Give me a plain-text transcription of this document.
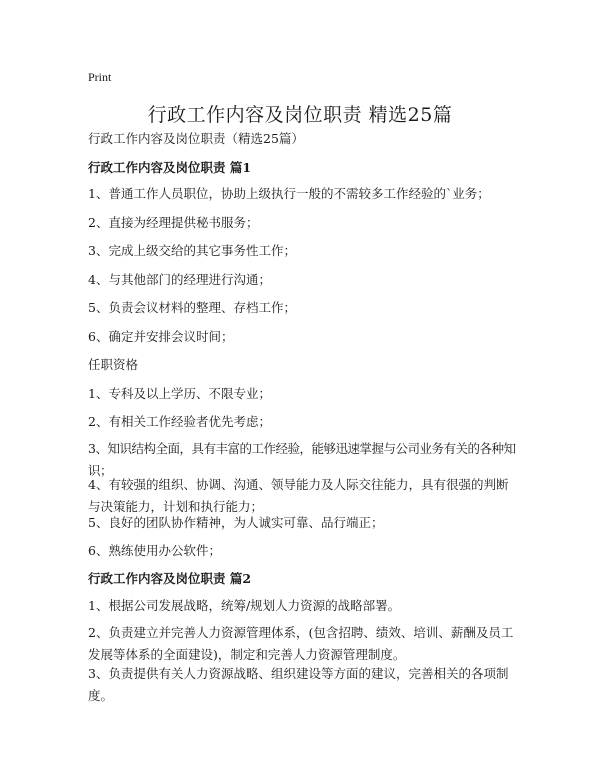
Print
行政工作内容及岗位职责 精选25篇
行政工作内容及岗位职责（精选25篇）
行政工作内容及岗位职责 篇1
1、普通工作人员职位，协助上级执行一般的不需较多工作经验的`业务；
2、直接为经理提供秘书服务；
3、完成上级交给的其它事务性工作；
4、与其他部门的经理进行沟通；
5、负责会议材料的整理、存档工作；
6、确定并安排会议时间；
任职资格
1、专科及以上学历、不限专业；
2、有相关工作经验者优先考虑；
3、知识结构全面，具有丰富的工作经验，能够迅速掌握与公司业务有关的各种知识；
4、有较强的组织、协调、沟通、领导能力及人际交往能力，具有很强的判断与决策能力，计划和执行能力；
5、良好的团队协作精神，为人诚实可靠、品行端正；
6、熟练使用办公软件；
行政工作内容及岗位职责 篇2
1、根据公司发展战略，统筹/规划人力资源的战略部署。
2、负责建立并完善人力资源管理体系，(包含招聘、绩效、培训、薪酬及员工发展等体系的全面建设)，制定和完善人力资源管理制度。
3、负责提供有关人力资源战略、组织建设等方面的建议，完善相关的各项制度。
